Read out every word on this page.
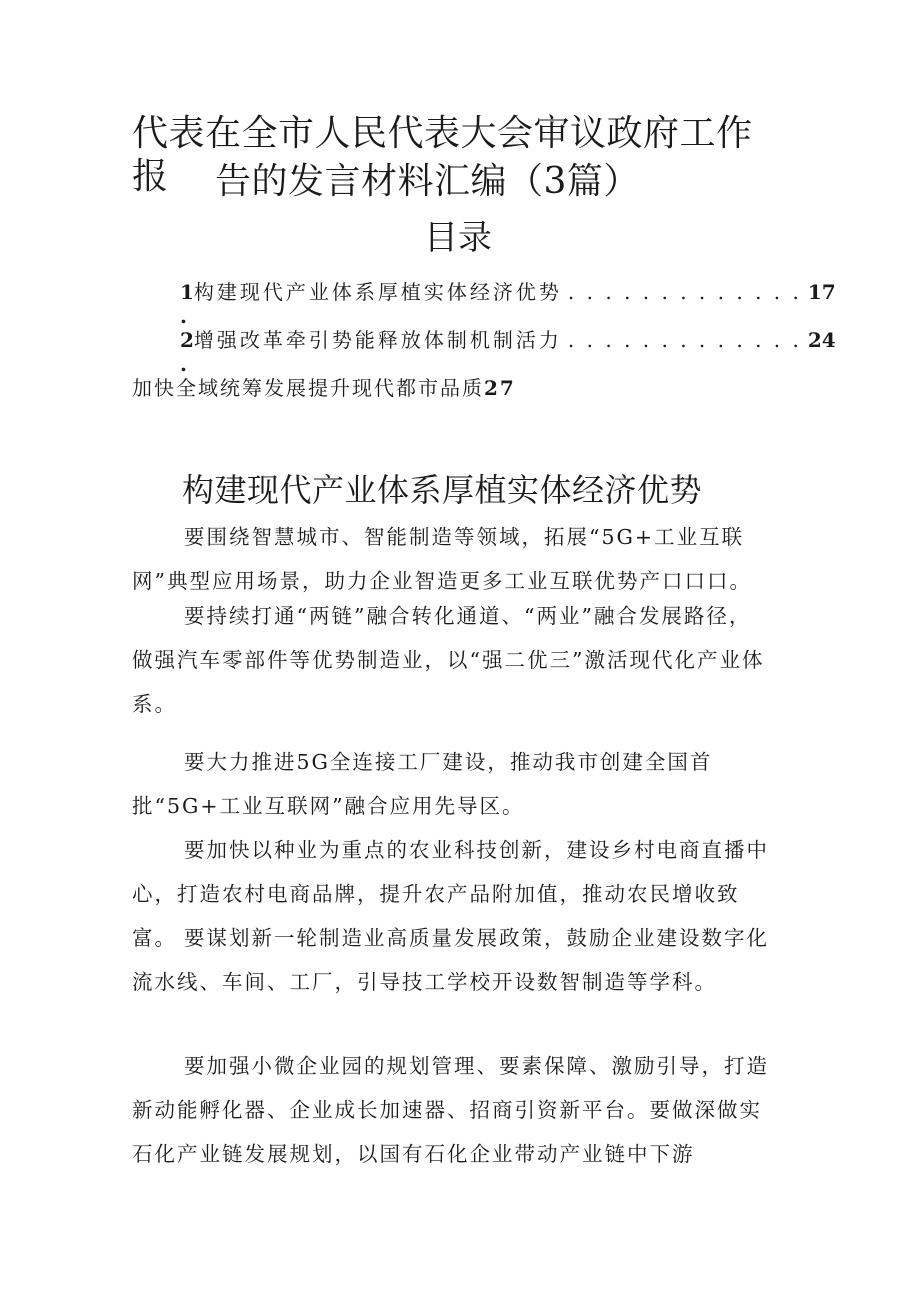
代表在全市人民代表大会审议政府工作报	告的发言材料汇编（3篇）
目录
1 .
构建现代产业体系厚植实体经济优势 . . . . . . . . . . . . . 17
2 .
增强改革牵引势能释放体制机制活力 . . . . . . . . . . . . . 24
加快全域统筹发展提升现代都市品质27
构建现代产业体系厚植实体经济优势

要围绕智慧城市、智能制造等领域，拓展“5G+工业互联网”典型应用场景，助力企业智造更多工业互联优势产口口口。

要持续打通“两链”融合转化通道、“两业”融合发展路径，做强汽车零部件等优势制造业，以“强二优三”激活现代化产业体系。

要大力推进5G全连接工厂建设，推动我市创建全国首批“5G+工业互联网”融合应用先导区。

要加快以种业为重点的农业科技创新，建设乡村电商直播中心，打造农村电商品牌，提升农产品附加值，推动农民增收致富。 要谋划新一轮制造业高质量发展政策，鼓励企业建设数字化流水线、车间、工厂，引导技工学校开设数智制造等学科。

要加强小微企业园的规划管理、要素保障、激励引导，打造新动能孵化器、企业成长加速器、招商引资新平台。要做深做实石化产业链发展规划，以国有石化企业带动产业链中下游
